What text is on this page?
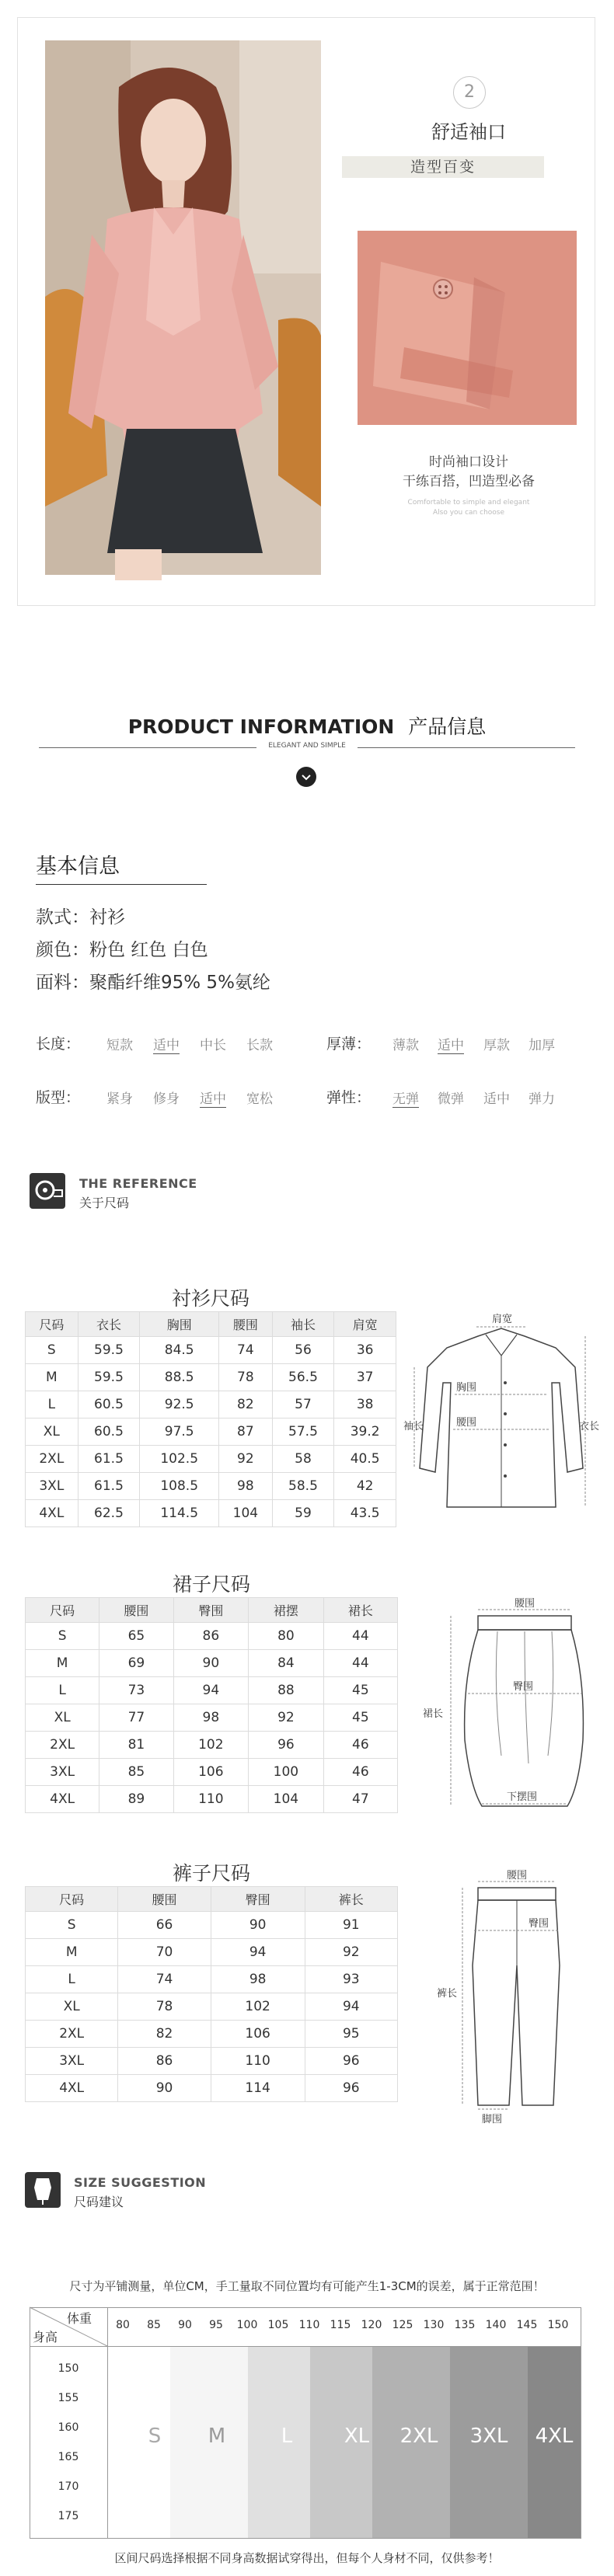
2
舒适袖口
造型百变
时尚袖口设计
干练百搭，凹造型必备
Comfortable to simple and elegant
Also you can choose
PRODUCT INFORMATION 产品信息
ELEGANT AND SIMPLE
基本信息
款式：衬衫
颜色：粉色 红色 白色
面料：聚酯纤维95% 5%氨纶
长度： 短款 适中 中长 长款	厚薄： 薄款 适中 厚款 加厚
版型： 紧身 修身 适中 宽松	弹性： 无弹 微弹 适中 弹力
THE REFERENCE
关于尺码
衬衫尺码
尺码	衣长	胸围	腰围	袖长	肩宽
S	59.5	84.5	74	56	36
M	59.5	88.5	78	56.5	37
L	60.5	92.5	82	57	38
XL	60.5	97.5	87	57.5	39.2
2XL	61.5	102.5	92	58	40.5
3XL	61.5	108.5	98	58.5	42
4XL	62.5	114.5	104	59	43.5
肩宽
胸围
腰围
袖长	衣长
裙子尺码
尺码	腰围	臀围	裙摆	裙长
S	65	86	80	44
M	69	90	84	44
L	73	94	88	45
XL	77	98	92	45
2XL	81	102	96	46
3XL	85	106	100	46
4XL	89	110	104	47
腰围
臀围
裙长
下摆围
裤子尺码
尺码	腰围	臀围	裤长
S	66	90	91
M	70	94	92
L	74	98	93
XL	78	102	94
2XL	82	106	95
3XL	86	110	96
4XL	90	114	96
腰围
臀围
裤长
脚围
SIZE SUGGESTION
尺码建议
尺寸为平铺测量，单位CM，手工量取不同位置均有可能产生1-3CM的误差，属于正常范围！
体重
身高
80	85	90	95	100 105 110 115 120 125 130 135 140 145 150
150
155
160
165
170
175
S	M	L	XL	2XL	3XL	4XL
区间尺码选择根据不同身高数据试穿得出，但每个人身材不同，仅供参考！
